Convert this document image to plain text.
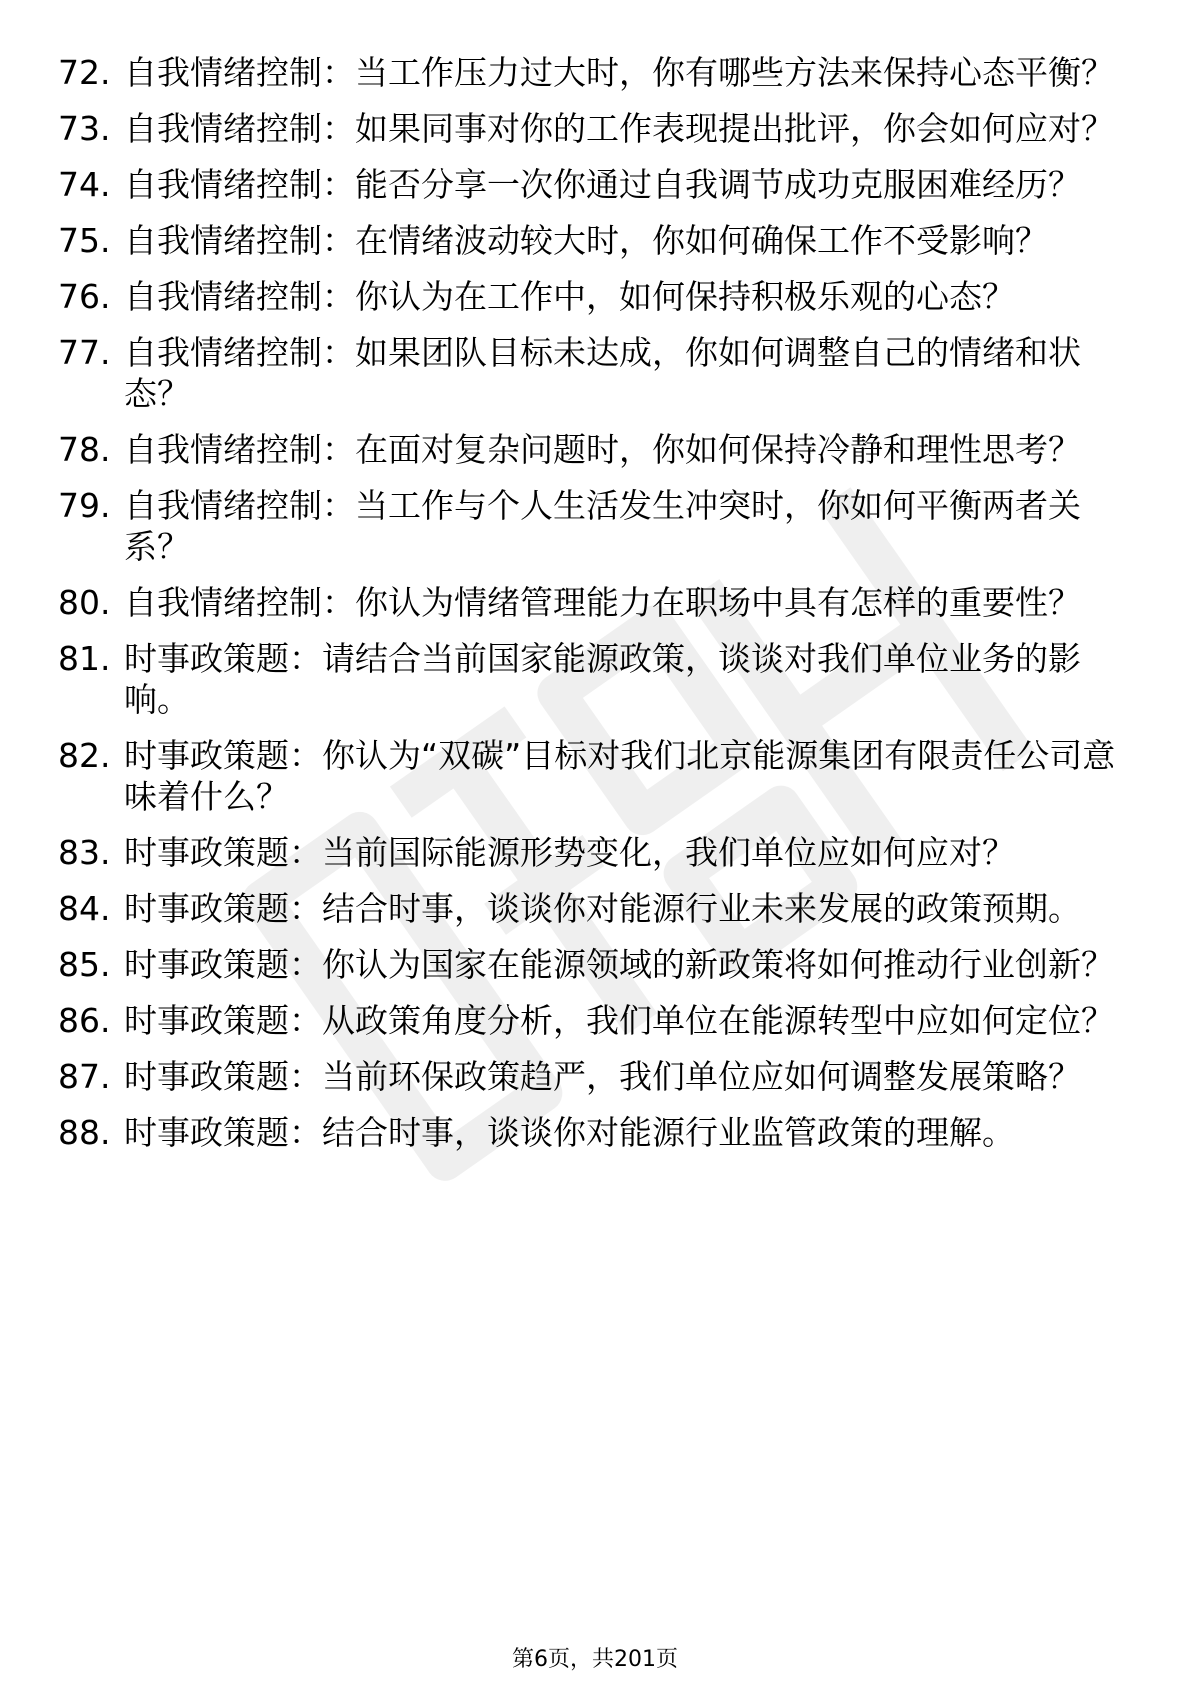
72. 自我情绪控制：当工作压力过大时，你有哪些方法来保持心态平衡？
73. 自我情绪控制：如果同事对你的工作表现提出批评，你会如何应对？
74. 自我情绪控制：能否分享一次你通过自我调节成功克服困难经历？
75. 自我情绪控制：在情绪波动较大时，你如何确保工作不受影响？
76. 自我情绪控制：你认为在工作中，如何保持积极乐观的心态？
77. 自我情绪控制：如果团队目标未达成，你如何调整自己的情绪和状态？
78. 自我情绪控制：在面对复杂问题时，你如何保持冷静和理性思考？
79. 自我情绪控制：当工作与个人生活发生冲突时，你如何平衡两者关系？
80. 自我情绪控制：你认为情绪管理能力在职场中具有怎样的重要性？
81. 时事政策题：请结合当前国家能源政策，谈谈对我们单位业务的影响。
82. 时事政策题：你认为“双碳”目标对我们北京能源集团有限责任公司意味着什么？
83. 时事政策题：当前国际能源形势变化，我们单位应如何应对？
84. 时事政策题：结合时事，谈谈你对能源行业未来发展的政策预期。
85. 时事政策题：你认为国家在能源领域的新政策将如何推动行业创新？
86. 时事政策题：从政策角度分析，我们单位在能源转型中应如何定位？
87. 时事政策题：当前环保政策趋严，我们单位应如何调整发展策略？
88. 时事政策题：结合时事，谈谈你对能源行业监管政策的理解。
第6页，共201页
